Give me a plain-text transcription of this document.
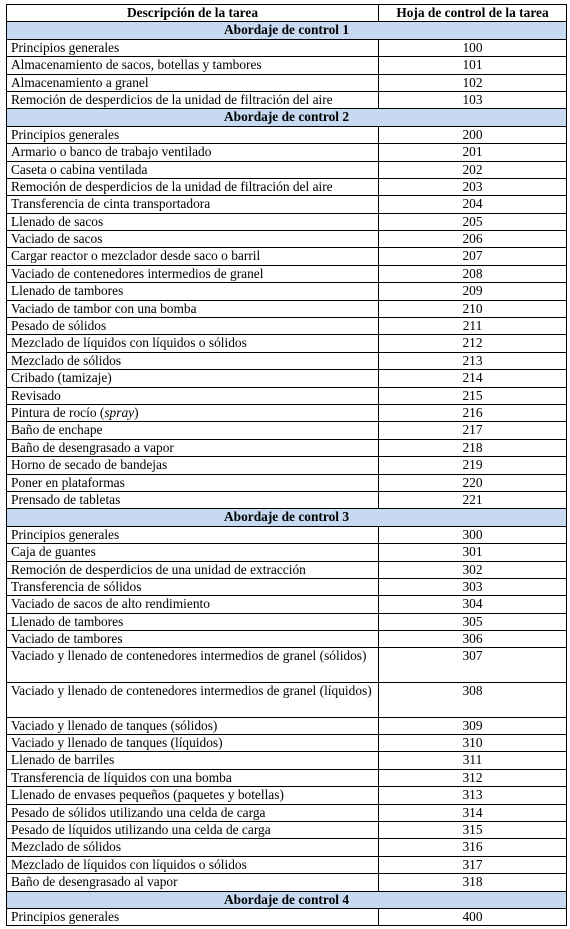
Descripción de la tarea	Hoja de control de la tarea
Abordaje de control 1	
Principios generales	100
Almacenamiento de sacos, botellas y tambores	101
Almacenamiento a granel	102
Remoción de desperdicios de la unidad de filtración del aire	103
Abordaje de control 2	
Principios generales	200
Armario o banco de trabajo ventilado	201
Caseta o cabina ventilada	202
Remoción de desperdicios de la unidad de filtración del aire	203
Transferencia de cinta transportadora	204
Llenado de sacos	205
Vaciado de sacos	206
Cargar reactor o mezclador desde saco o barril	207
Vaciado de contenedores intermedios de granel	208
Llenado de tambores	209
Vaciado de tambor con una bomba	210
Pesado de sólidos	211
Mezclado de líquidos con líquidos o sólidos	212
Mezclado de sólidos	213
Cribado (tamizaje)	214
Revisado	215
Pintura de rocío (spray)	216
Baño de enchape	217
Baño de desengrasado a vapor	218
Horno de secado de bandejas	219
Poner en plataformas	220
Prensado de tabletas	221
Abordaje de control 3	
Principios generales	300
Caja de guantes	301
Remoción de desperdicios de una unidad de extracción	302
Transferencia de sólidos	303
Vaciado de sacos de alto rendimiento	304
Llenado de tambores	305
Vaciado de tambores	306
Vaciado y llenado de contenedores intermedios de granel (sólidos)	307
Vaciado y llenado de contenedores intermedios de granel (líquidos)	308
Vaciado y llenado de tanques (sólidos)	309
Vaciado y llenado de tanques (líquidos)	310
Llenado de barriles	311
Transferencia de líquidos con una bomba	312
Llenado de envases pequeños (paquetes y botellas)	313
Pesado de sólidos utilizando una celda de carga	314
Pesado de líquidos utilizando una celda de carga	315
Mezclado de sólidos	316
Mezclado de líquidos con líquidos o sólidos	317
Baño de desengrasado al vapor	318
Abordaje de control 4	
Principios generales	400
